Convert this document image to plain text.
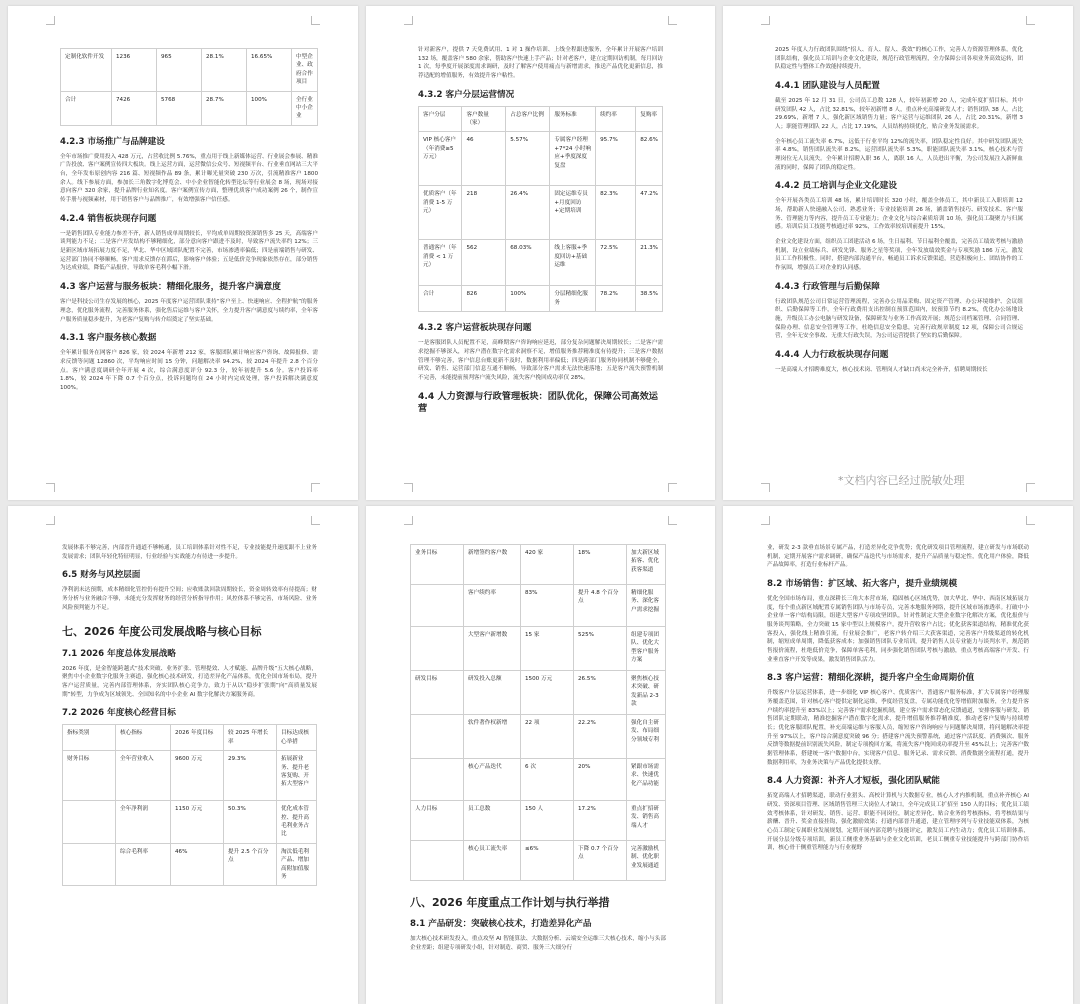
定制化软件开发	1236	965	28.1%	16.65%	中型企业、政府合作项目
合计	7426	5768	28.7%	100%	全行业中小企业
4.2.3 市场推广与品牌建设

全年市场推广费用投入 428 万元，占营收比例 5.76%，重点用于线上新媒体运营、行业展会参展、精准广告投放、客户案例宣传四大板块。线上运营方面，运营微信公众号、短视频平台、行业垂直网站三大平台，全年发布原创内容 216 篇、短视频作品 89 条，累计曝光量突破 230 万次，引流精准客户 1800 余人。线下参展方面，参加长三角数字化博览会、中小企业智能化转型论坛等行业展会 8 场，现场对接意向客户 320 余家，提升品牌行业知名度。客户案例宣传方面，整理优质客户成功案例 26 个，制作宣传手册与视频素材，用于销售客户与品牌推广，有效增强客户信任感。

4.2.4 销售板块现存问题

一是销售团队专业能力参差不齐，新人销售成单周期较长，平均成单周期较资深销售多 25 天，高端客户谈判能力不足；二是客户开发结构不够精细化，部分意向客户跟进不及时，导致客户流失率约 12%；三是新区域市场拓展力度不足，华北、华中区域团队配置不完善，市场渗透率偏低；四是前端销售与研发、运营部门协同不够顺畅，客户需求反馈存在滞后，影响客户体验；五是低价竞争现象依然存在，部分销售为达成业绩，降低产品报价，导致单客毛利小幅下滑。

4.3 客户运营与服务板块：精细化服务，提升客户满意度

客户是科技公司生存发展的核心，2025 年度客户运营团队秉持“客户至上、快速响应、全程护航”的服务理念，优化服务流程，完善服务体系，强化售后运维与客户关怀，全力提升客户满意度与续约率，全年客户服务质量稳步提升，为老客户复购与转介绍奠定了坚实基础。

4.3.1 客户服务核心数据

全年累计服务在网客户 826 家，较 2024 年新增 212 家，客服团队累计响应客户咨询、故障报修、需求反馈等问题 12860 次，平均响应时间 15 分钟，问题解决率 94.2%，较 2024 年提升 2.8 个百分点。客户满意度调研全年开展 4 次，综合满意度评分 92.3 分，较年初提升 5.6 分。客户投诉率 1.8%，较 2024 年下降 0.7 个百分点，投诉问题均在 24 小时内完成处理，客户投诉解决满意度 100%。

针对新客户，提供 7 天免费试用、1 对 1 操作培训、上线全程跟进服务，全年累计开展客户培训 132 场，覆盖客户 580 余家，帮助客户快速上手产品；针对老客户，建立定期回访机制，每月回访 1 次，每季度开展深度需求调研，及时了解客户使用痛点与新增需求，推送产品优化更新信息，推荐适配的增值服务，有效提升客户粘性。

4.3.2 客户分层运营情况
客户分层	客户数量（家）	占总客户比例	服务标准	续约率	复购率
VIP 核心客户（年消费≥5 万元）	46	5.57%	专属客户经理+7*24 小时响应+季度深度复盘	95.7%	82.6%
优质客户（年消费 1-5 万元）	218	26.4%	固定运维专员+月度回访+定期培训	82.3%	47.2%
普通客户（年消费 < 1 万元）	562	68.03%	线上客服+季度回访+基础运维	72.5%	21.3%
合计	826	100%	分层精细化服务	78.2%	38.5%
4.3.2 客户运营板块现存问题

一是客服团队人员配置不足，高峰期客户咨询响应延迟，部分复杂问题解决周期较长；二是客户需求挖掘不够深入，对客户潜在数字化需求洞察不足，增值服务推荐精准度有待提升；三是客户数据管理不够完善，客户信息台账更新不及时，数据利用率偏低；四是跨部门服务协同机制不够健全，研发、销售、运营部门信息互通不顺畅，导致部分客户需求无法快速落地；五是客户流失预警机制不完善，未能提前预判客户流失风险，流失客户挽回成功率仅 28%。

4.4 人力资源与行政管理板块：团队优化，保障公司高效运营

2025 年度人力行政团队围绕“招人、育人、留人、我效”的核心工作，完善人力资源管理体系，优化团队结构，强化员工培训与企业文化建设，规范行政管理流程，全力保障公司各项业务高效运转，团队稳定性与整体工作效能持续提升。

4.4.1 团队建设与人员配置

截至 2025 年 12 月 31 日，公司员工总数 128 人，较年初新增 20 人，完成年度扩招目标。其中研发团队 42 人，占比 32.81%，较年初新增 8 人，重点补充高端研发人才；销售团队 38 人，占比 29.69%，新增 7 人，强化新区域销售力量；客户运营与运维团队 26 人，占比 20.31%，新增 3 人；职能管理团队 22 人，占比 17.19%，人员结构持续优化，贴合业务发展需求。

全年核心员工流失率 6.7%，远低于行业平均 12%的流失率，团队稳定性良好。其中研发团队流失率 4.8%，销售团队流失率 8.2%，运营团队流失率 5.3%，职能团队流失率 3.1%，核心技术与管理岗位无人员流失。全年累计招聘入职 36 人，离职 16 人，人员进出平衡，为公司发展注入新鲜血液的同时，保障了团队的稳定性。

4.4.2 员工培训与企业文化建设

全年开展各类员工培训 48 场，累计培训时长 320 小时，覆盖全体员工，其中新员工入职培训 12 场，帮助新人快速融入公司、熟悉业务；专业技能培训 26 场，涵盖销售技巧、研发技术、客户服务、管理能力等内容，提升员工专业能力；企业文化与综合素质培训 10 场，强化员工凝聚力与归属感。培训后员工技能考核通过率 92%，工作效率较培训前提升 15%。

企业文化建设方面，组织员工团建活动 6 场，生日福利、节日福利全覆盖，完善员工绩效考核与激励机制，设立业绩标兵、研发先锋、服务之星等奖项，全年发放绩效奖金与专项奖励 186 万元，激发员工工作积极性。同时，搭建内部沟通平台，畅通员工诉求反馈渠道，营造积极向上、团结协作的工作氛围，增强员工对企业的认同感。

4.4.3 行政管理与后勤保障

行政团队规范公司日常运营管理流程，完善办公用品采购、固定资产管理、办公环境维护、会议组织、后勤保障等工作，全年行政费用支出控制在预算范围内，较预算节约 8.2%，优化办公场地设施，升级员工办公电脑与研发设备，保障研发与业务工作高效开展；规范公司档案管理、合同管理、保险办理、信息安全管理等工作，杜绝信息安全隐患，完善行政规章制度 12 项，保障公司合规运营，全年无安全事故、无重大行政失误，为公司运营提供了坚实的后勤保障。

4.4.4 人力行政板块现存问题

一是高端人才招聘难度大，核心技术岗、管理岗人才缺口尚未完全补齐，招聘周期较长

*文档内容已经过脱敏处理

发展体系不够完善，内部晋升通道不够畅通，员工培训体系针对性不足，专业技能提升速度跟不上业务发展需求；团队年轻化特征明显，行业经验与实战能力有待进一步提升。

6.5 财务与风控层面

净利润未达预期，成本精细化管控仍有提升空间；应收账款回款周期较长，资金周转效率有待提高；财务分析与业务融合不够，未能充分发挥财务的经营分析指导作用；风控体系不够完善，市场风险、业务风险预判能力不足。

七、2026 年度公司发展战略与核心目标
7.1 2026 年度总体发展战略

2026 年度，是金智能跨越式“技术突破、业务扩张、管理提效、人才赋能、品牌升级”五大核心战略，聚焦中小企业数字化服务主赛道，强化核心技术研发，打造差异化产品体系，优化全国市场布局，提升客户运营质量，完善内部管理体系，夯实团队核心竞争力，致力于从以“稳步扩张期”向“高质量发展期”转型，力争成为区域领先、全国知名的中小企业 AI 数字化解决方案服务商。

7.2 2026 年度核心经营目标
指标类别	核心指标	2026 年度目标	较 2025 年增长率	目标达成核心举措
财务目标	全年营业收入	9600 万元	29.3%	拓展新业务、提升老客复购、开拓大型客户
	全年净利润	1150 万元	50.3%	优化成本管控、提升高毛利业务占比
	综合毛利率	46%	提升 2.5 个百分点	淘汰低毛利产品、增加高附加值服务
业务目标	新增签约客户数	420 家	18%	加大新区域拓客、优化获客渠道
	客户续约率	83%	提升 4.8 个百分点	精细化服务、深化客户需求挖掘
	大型客户新增数	15 家	525%	组建专项团队、优化大型客户服务方案
研发目标	研发投入总额	1500 万元	26.5%	聚焦核心技术突破、研发新品 2-3 款
	软件著作权新增	22 项	22.2%	强化自主研发、布局细分领域专利
	核心产品迭代	6 次	20%	紧跟市场需求、快速优化产品功能
人力目标	员工总数	150 人	17.2%	重点扩招研发、销售高端人才
	核心员工流失率	≤6%	下降 0.7 个百分点	完善激励机制、优化职业发展通道
八、2026 年度重点工作计划与执行举措
8.1 产品研发：突破核心技术，打造差异化产品

加大核心技术研发投入，重点攻坚 AI 智能算法、大数据分析、云端安全运维三大核心技术，缩小与头部企业差距；组建专项研发小组，针对制造、商贸、服务三大细分行

业，研发 2-3 款垂直场景专属产品，打造差异化竞争优势；优化研发项目管理流程，建立研发与市场联动机制，定期开展客户需求调研，确保产品迭代与市场需求，提升产品质量与稳定性，优化用户体验，降低产品故障率，打造行业标杆产品。

8.2 市场销售：扩区域、拓大客户，提升业绩规模

优化全国市场布局，重点深耕长三角大本营市场，稳固核心区域优势，加大华北、华中、西南区域拓展力度，每个重点新区域配置专属销售团队与市场专员，完善本地服务网络，提升区域市场渗透率。打破中小企业单一客户结构局限，组建大型客户专项攻坚团队，针对性制定大型企业数字化解决方案，优化报价与服务谈判策略，全力突破 15 家中型以上规模客户，提升营收客户占比；优化获客渠道结构，精准优化获客投入，强化线上精准引流，行业展会推广，老客户转介绍三大获客渠道，完善客户升级渠道的转化机制，缩短成单周期，降低获客成本；加强销售团队专业培训，提升销售人员专业能力与谈判水平，规范销售报价流程，杜绝低价竞争，保障单客毛利，同步强化销售团队考核与激励，重点考核高端客户开发、行业垂直客户开发等成果，激发销售团队活力。

8.3 客户运营：精细化深耕，提升客户全生命周期价值

升级客户分层运营体系，进一步细化 VIP 核心客户、优质客户、普通客户服务标准，扩大专属客户经理服务覆盖范围，针对核心客户提供定制化运维，季度经营复盘，专属功能优化等增值附加服务，全力提升客户续约率提升至 83%以上；完善客户需求挖掘机制，建立客户需求常态化反馈通道，安排客服与研发、销售团队定期联动，精准挖掘客户潜在数字化需求，提升增值服务推荐精准度，推动老客户复购与持续增长；优化客服团队配置，补充高端运维与客服人员，缩短客户咨询响应与问题解决周期，将问题解决率提升至 97%以上，客户综合满意度突破 96 分；搭建客户流失预警系统，通过客户活跃度、消费频次、服务反馈等数据提前识别流失风险，制定专项挽回方案，将流失客户挽回成功率提升至 45%以上；完善客户数据管理体系，搭建统一客户数据中台，实现客户信息、服务记录、需求反馈、消费数据全流程打通，提升数据利用率，为业务决策与产品优化提供支撑。

8.4 人力资源：补齐人才短板，强化团队赋能

拓宽高端人才招聘渠道，联动行业猎头、高校计算机与大数据专业，核心人才内推机制，重点补齐核心 AI 研发、资深项目管理、区域销售管理三大岗位人才缺口，全年完成员工扩招至 150 人的目标；优化员工绩效考核体系，针对研发、销售、运营、职能不同岗位，制定差异化、贴合业务的考核指标，将考核结果与薪酬、晋升、奖金直接挂钩，强化激励效果；打通内部晋升通道，建立管理序列与专业技能双体系，为核心员工制定专属职业发展规划，定期开展内部竞聘与技能评定，激发员工内生动力；优化员工培训体系，开展分层分级专项培训，新员工侧重业务基础与企业文化培训，老员工侧重专业技能提升与跨部门协作培训，核心骨干侧重管理能力与行业视野
